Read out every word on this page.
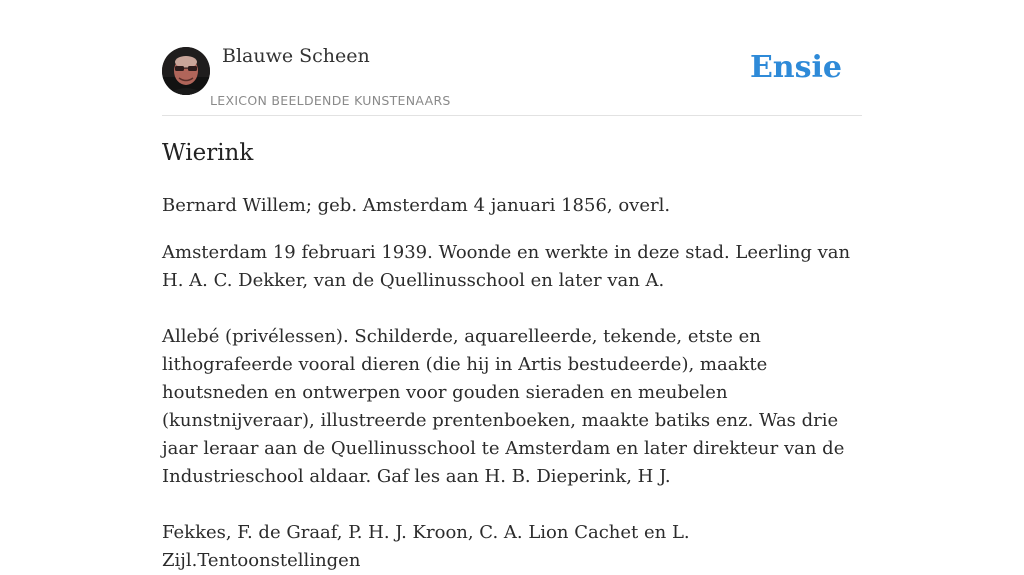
Blauwe Scheen
LEXICON BEELDENDE KUNSTENAARS
Ensie
Wierink

Bernard Willem; geb. Amsterdam 4 januari 1856, overl.

Amsterdam 19 februari 1939. Woonde en werkte in deze stad. Leerling van H. A. C. Dekker, van de Quellinusschool en later van A.

Allebé (privélessen). Schilderde, aquarelleerde, tekende, etste en lithografeerde vooral dieren (die hij in Artis bestudeerde), maakte houtsneden en ontwerpen voor gouden sieraden en meubelen (kunstnijveraar), illustreerde prentenboeken, maakte batiks enz. Was drie jaar leraar aan de Quellinusschool te Amsterdam en later direkteur van de Industrieschool aldaar. Gaf les aan H. B. Dieperink, H J.

Fekkes, F. de Graaf, P. H. J. Kroon, C. A. Lion Cachet en L. Zijl.Tentoonstellingen
